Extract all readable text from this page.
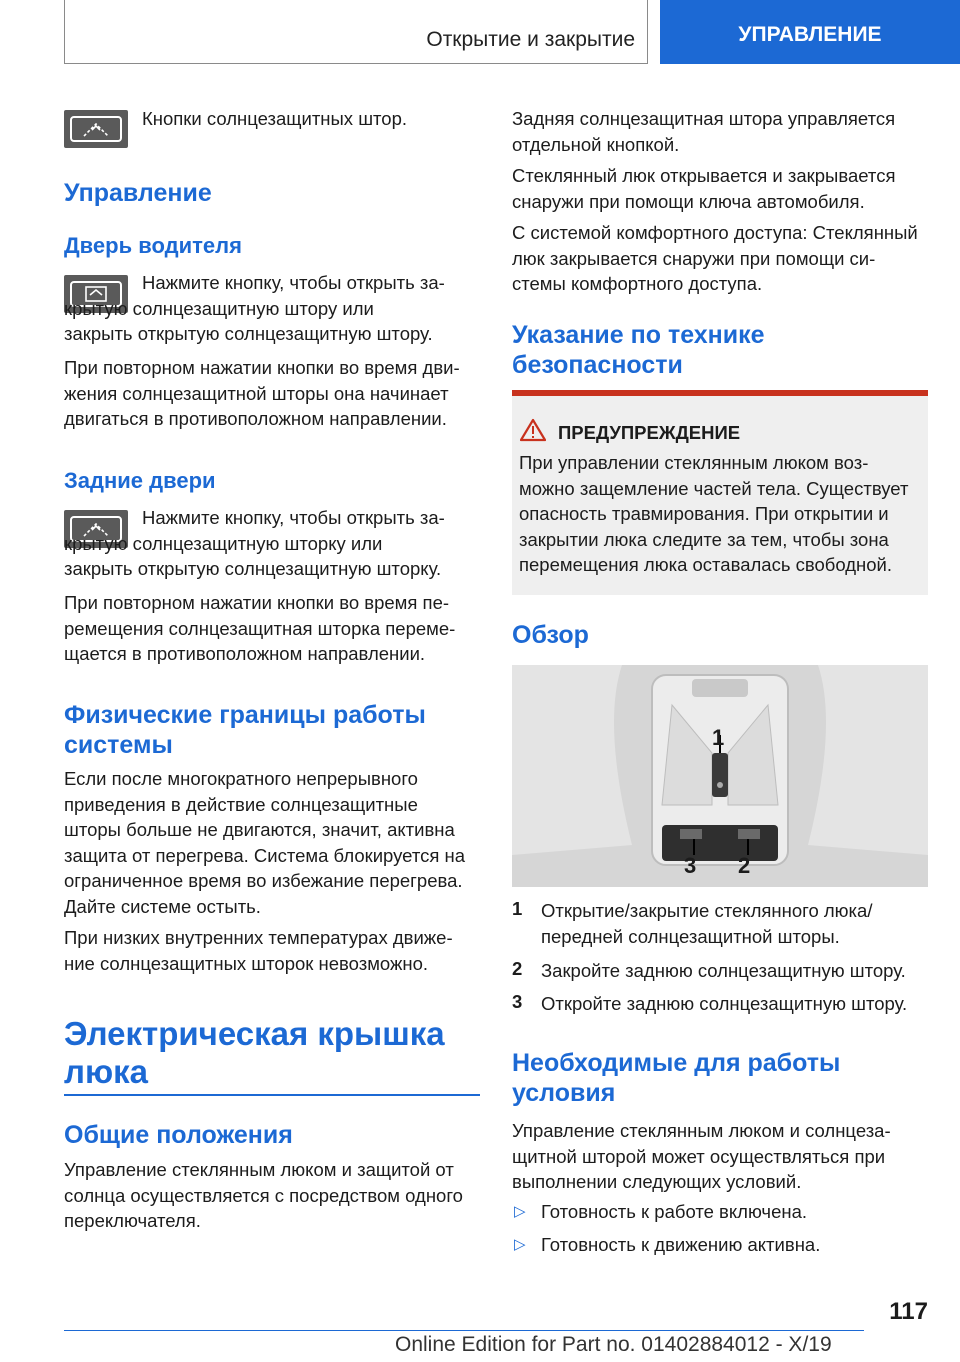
Открытие и закрытие	УПРАВЛЕНИЕ

Кнопки солнцезащитных штор.

Управление
Дверь водителя

Нажмите кнопку, чтобы открыть за-
крытую солнцезащитную штору или
закрыть открытую солнцезащитную штору.

При повторном нажатии кнопки во время дви-
жения солнцезащитной шторы она начинает
двигаться в противоположном направлении.

Задние двери

Нажмите кнопку, чтобы открыть за-
крытую солнцезащитную шторку или
закрыть открытую солнцезащитную шторку.

При повторном нажатии кнопки во время пе-
ремещения солнцезащитная шторка переме-
щается в противоположном направлении.

Физические границы работы
системы

Если после многократного непрерывного
приведения в действие солнцезащитные
шторы больше не двигаются, значит, активна
защита от перегрева. Система блокируется на
ограниченное время во избежание перегрева.
Дайте системе остыть.

При низких внутренних температурах движе-
ние солнцезащитных шторок невозможно.

Электрическая крышка
люка
Общие положения

Управление стеклянным люком и защитой от
солнца осуществляется с посредством одного
переключателя.

Задняя солнцезащитная штора управляется
отдельной кнопкой.

Стеклянный люк открывается и закрывается
снаружи при помощи ключа автомобиля.

С системой комфортного доступа: Стеклянный
люк закрывается снаружи при помощи си-
стемы комфортного доступа.

Указание по технике
безопасности
ПРЕДУПРЕЖДЕНИЕ

При управлении стеклянным люком воз-
можно защемление частей тела. Существует
опасность травмирования. При открытии и
закрытии люка следите за тем, чтобы зона
перемещения люка оставалась свободной.

Обзор
1
3 2
1 Открытие/закрытие стеклянного люка/
передней солнцезащитной шторы.

2 Закройте заднюю солнцезащитную штору.

3 Откройте заднюю солнцезащитную штору.

Необходимые для работы
условия

Управление стеклянным люком и солнцеза-
щитной шторой может осуществляться при
выполнении следующих условий.

▷ Готовность к работе включена.

▷ Готовность к движению активна.

117
Online Edition for Part no. 01402884012 - X/19
